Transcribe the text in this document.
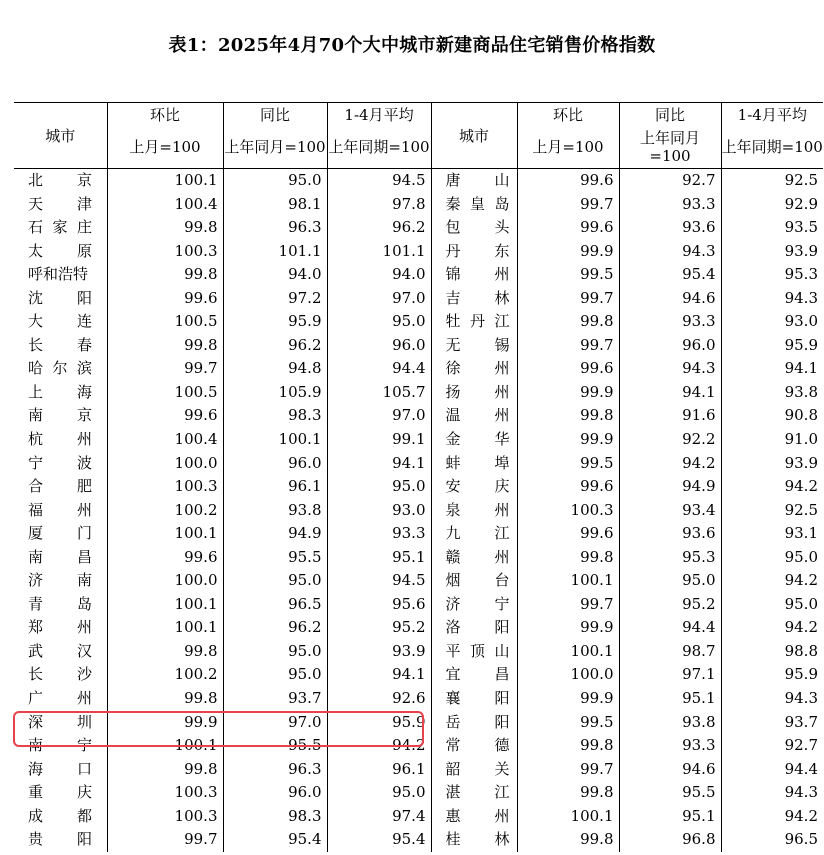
表1：2025年4月70个大中城市新建商品住宅销售价格指数
城市	环比	同比	1-4月平均	城市	环比	同比	1-4月平均
	上月=100	上年同月=100	上年同期=100		上月=100	上年同月=100	上年同期=100

北 京	100.1	95.0	94.5	唐 山	99.6	92.7	92.5

天 津	100.4	98.1	97.8	秦 皇 岛	99.7	93.3	92.9

石 家 庄	99.8	96.3	96.2	包 头	99.6	93.6	93.5

太 原	100.3	101.1	101.1	丹 东	99.9	94.3	93.9
呼和浩特	99.8	94.0	94.0	锦 州	99.5	95.4	95.3

沈 阳	99.6	97.2	97.0	吉 林	99.7	94.6	94.3

大 连	100.5	95.9	95.0	牡 丹 江	99.8	93.3	93.0

长 春	99.8	96.2	96.0	无 锡	99.7	96.0	95.9

哈 尔 滨	99.7	94.8	94.4	徐 州	99.6	94.3	94.1

上 海	100.5	105.9	105.7	扬 州	99.9	94.1	93.8

南 京	99.6	98.3	97.0	温 州	99.8	91.6	90.8

杭 州	100.4	100.1	99.1	金 华	99.9	92.2	91.0

宁 波	100.0	96.0	94.1	蚌 埠	99.5	94.2	93.9

合 肥	100.3	96.1	95.0	安 庆	99.6	94.9	94.2

福 州	100.2	93.8	93.0	泉 州	100.3	93.4	92.5

厦 门	100.1	94.9	93.3	九 江	99.6	93.6	93.1

南 昌	99.6	95.5	95.1	赣 州	99.8	95.3	95.0

济 南	100.0	95.0	94.5	烟 台	100.1	95.0	94.2

青 岛	100.1	96.5	95.6	济 宁	99.7	95.2	95.0

郑 州	100.1	96.2	95.2	洛 阳	99.9	94.4	94.2

武 汉	99.8	95.0	93.9	平 顶 山	100.1	98.7	98.8

长 沙	100.2	95.0	94.1	宜 昌	100.0	97.1	95.9

广 州	99.8	93.7	92.6	襄 阳	99.9	95.1	94.3

深 圳	99.9	97.0	95.9	岳 阳	99.5	93.8	93.7

南 宁	100.1	95.5	94.2	常 德	99.8	93.3	92.7

海 口	99.8	96.3	96.1	韶 关	99.7	94.6	94.4

重 庆	100.3	96.0	95.0	湛 江	99.8	95.5	94.3

成 都	100.3	98.3	97.4	惠 州	100.1	95.1	94.2

贵 阳	99.7	95.4	95.4	桂 林	99.8	96.8	96.5
